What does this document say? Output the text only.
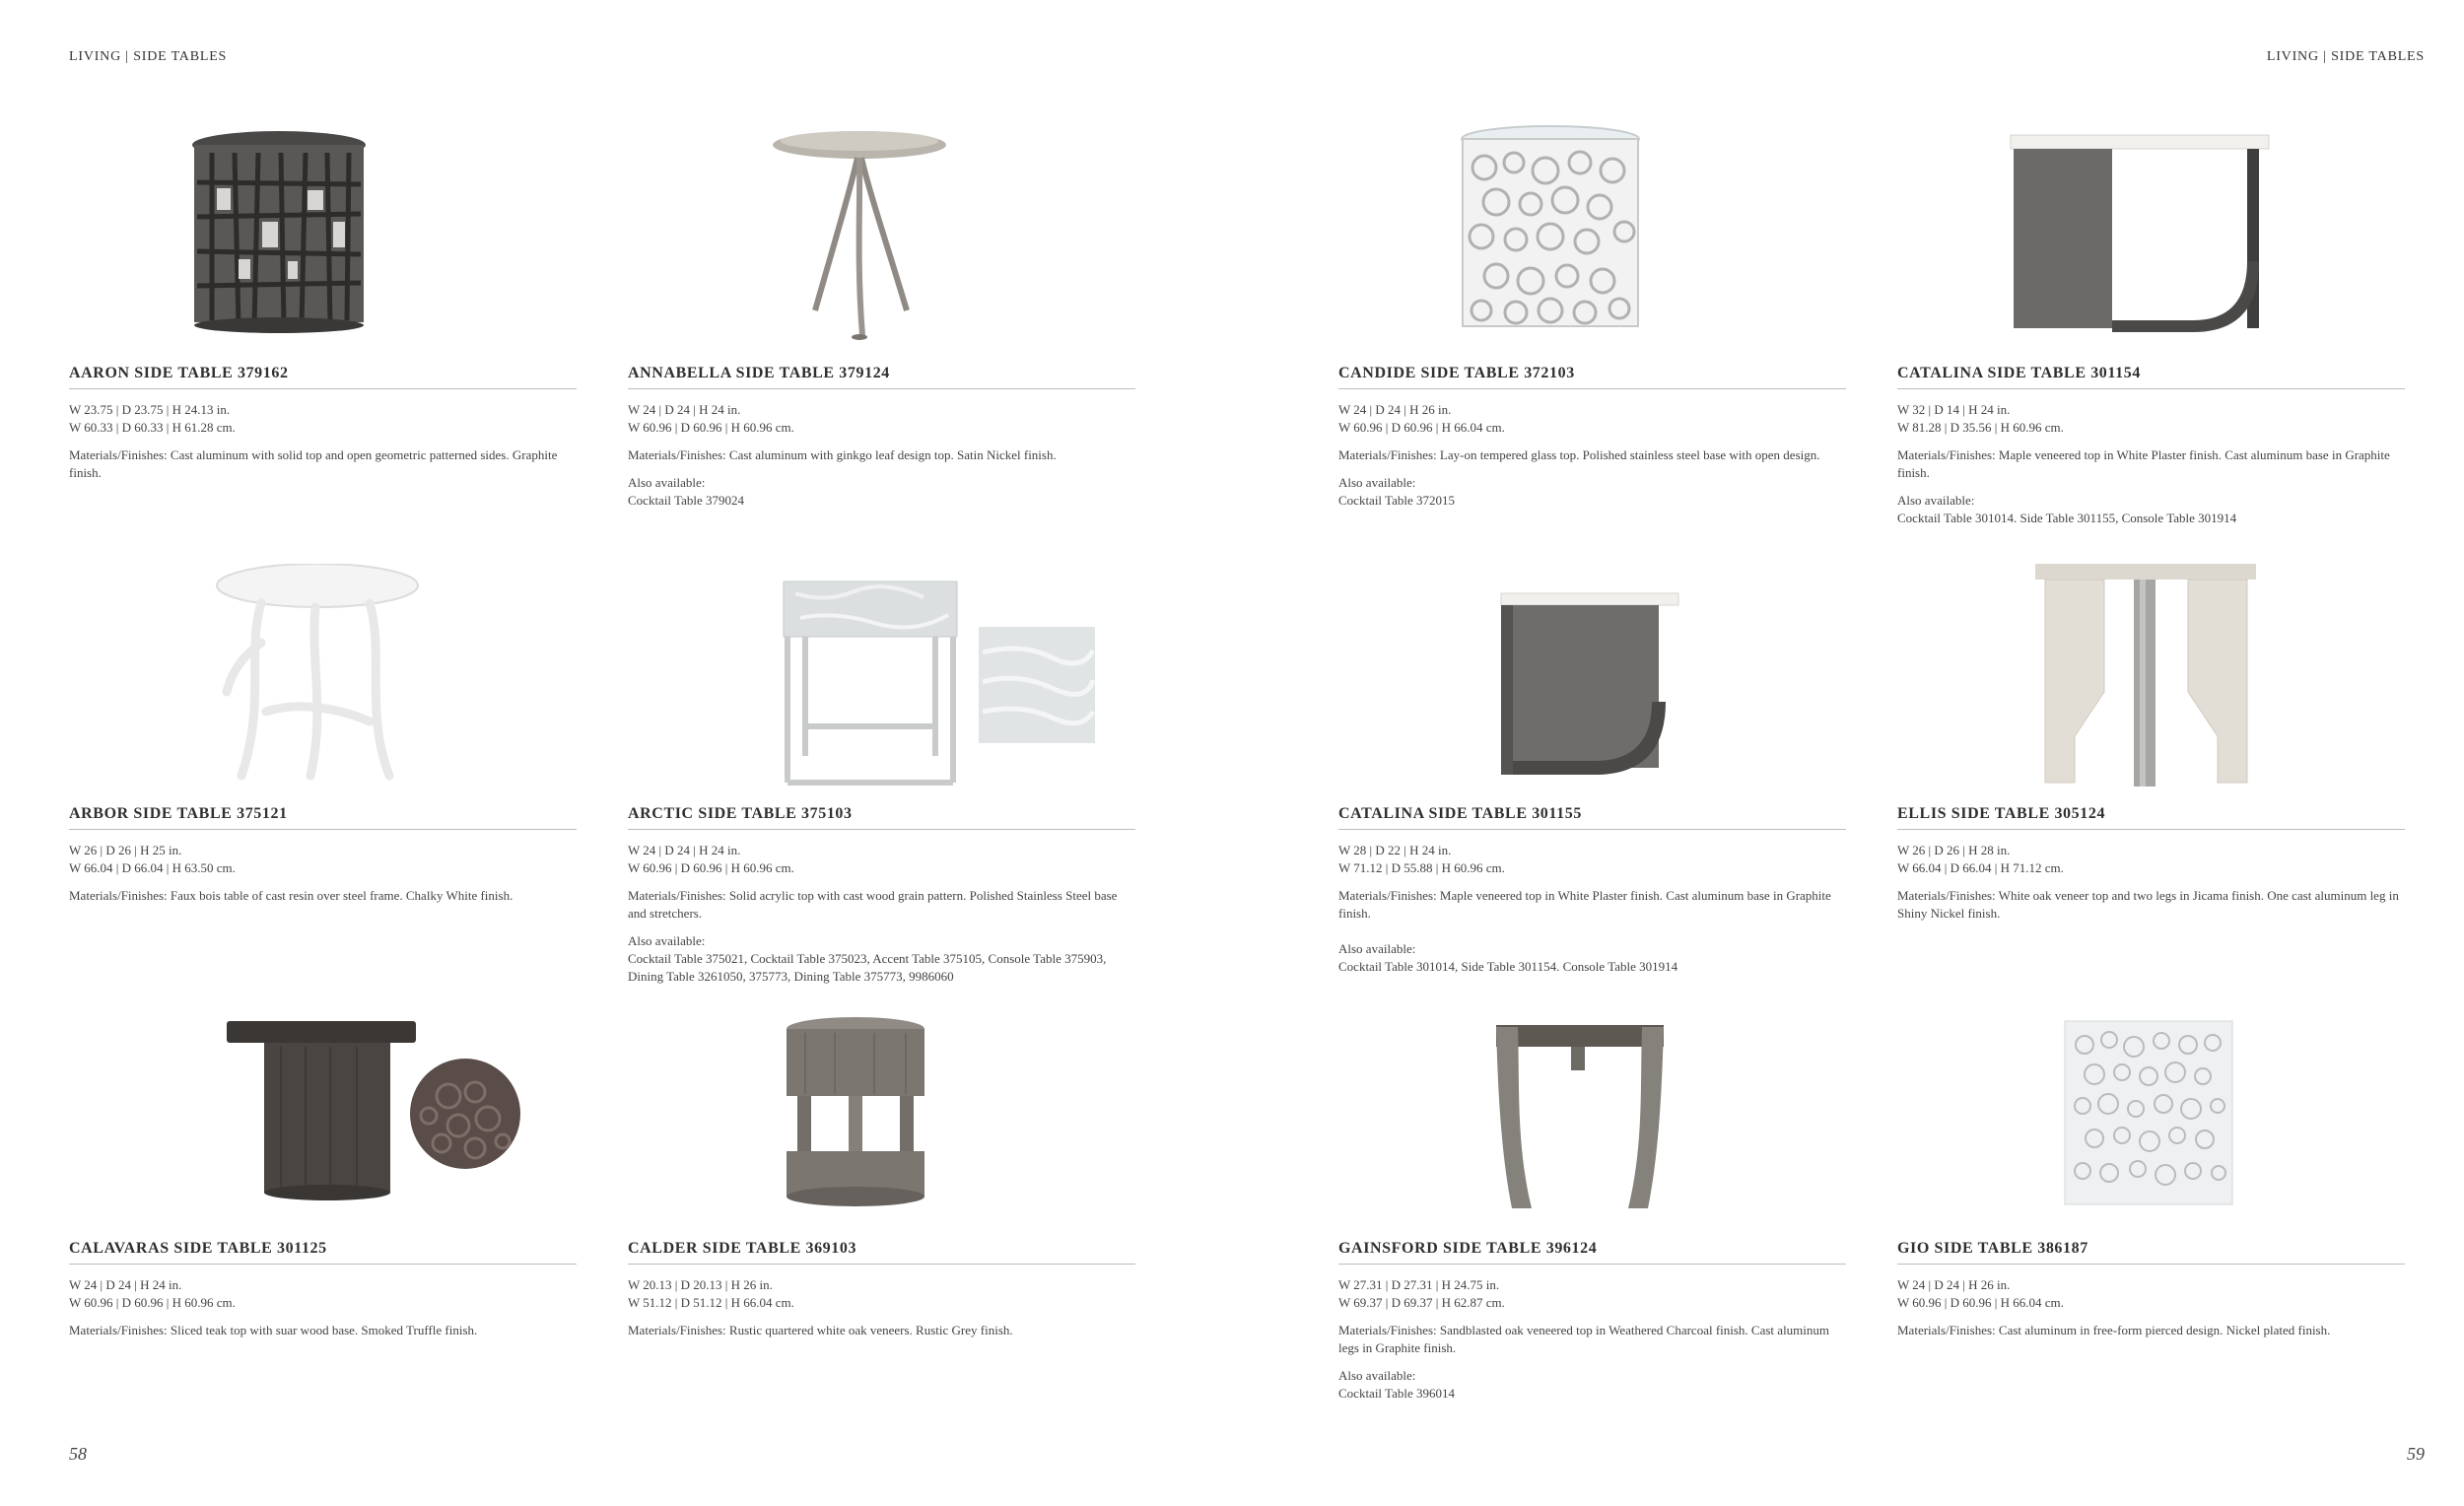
LIVING | SIDE TABLES	LIVING | SIDE TABLES
AARON SIDE TABLE 379162
W 23.75 | D 23.75 | H 24.13 in.
W 60.33 | D 60.33 | H 61.28 cm.
Materials/Finishes: Cast aluminum with solid top and open geometric patterned sides. Graphite finish.
ANNABELLA SIDE TABLE 379124
W 24 | D 24 | H 24 in.
W 60.96 | D 60.96 | H 60.96 cm.
Materials/Finishes: Cast aluminum with ginkgo leaf design top. Satin Nickel finish.
Also available:
Cocktail Table 379024
CANDIDE SIDE TABLE 372103
W 24 | D 24 | H 26 in.
W 60.96 | D 60.96 | H 66.04 cm.
Materials/Finishes: Lay-on tempered glass top. Polished stainless steel base with open design.
Also available:
Cocktail Table 372015
CATALINA SIDE TABLE 301154
W 32 | D 14 | H 24 in.
W 81.28 | D 35.56 | H 60.96 cm.
Materials/Finishes: Maple veneered top in White Plaster finish. Cast aluminum base in Graphite finish.
Also available:
Cocktail Table 301014. Side Table 301155, Console Table 301914
ARBOR SIDE TABLE 375121
W 26 | D 26 | H 25 in.
W 66.04 | D 66.04 | H 63.50 cm.
Materials/Finishes: Faux bois table of cast resin over steel frame. Chalky White finish.
ARCTIC SIDE TABLE 375103
W 24 | D 24 | H 24 in.
W 60.96 | D 60.96 | H 60.96 cm.
Materials/Finishes: Solid acrylic top with cast wood grain pattern. Polished Stainless Steel base and stretchers.
Also available:
Cocktail Table 375021, Cocktail Table 375023, Accent Table 375105, Console Table 375903, Dining Table 3261050, 375773, Dining Table 375773, 9986060
CATALINA SIDE TABLE 301155
W 28 | D 22 | H 24 in.
W 71.12 | D 55.88 | H 60.96 cm.
Materials/Finishes: Maple veneered top in White Plaster finish. Cast aluminum base in Graphite finish.
Also available:
Cocktail Table 301014, Side Table 301154. Console Table 301914
ELLIS SIDE TABLE 305124
W 26 | D 26 | H 28 in.
W 66.04 | D 66.04 | H 71.12 cm.
Materials/Finishes: White oak veneer top and two legs in Jicama finish. One cast aluminum leg in Shiny Nickel finish.
CALAVARAS SIDE TABLE 301125
W 24 | D 24 | H 24 in.
W 60.96 | D 60.96 | H 60.96 cm.
Materials/Finishes: Sliced teak top with suar wood base. Smoked Truffle finish.
CALDER SIDE TABLE 369103
W 20.13 | D 20.13 | H 26 in.
W 51.12 | D 51.12 | H 66.04 cm.
Materials/Finishes: Rustic quartered white oak veneers. Rustic Grey finish.
GAINSFORD SIDE TABLE 396124
W 27.31 | D 27.31 | H 24.75 in.
W 69.37 | D 69.37 | H 62.87 cm.
Materials/Finishes: Sandblasted oak veneered top in Weathered Charcoal finish. Cast aluminum legs in Graphite finish.
Also available:
Cocktail Table 396014
GIO SIDE TABLE 386187
W 24 | D 24 | H 26 in.
W 60.96 | D 60.96 | H 66.04 cm.
Materials/Finishes: Cast aluminum in free-form pierced design. Nickel plated finish.
58	59
